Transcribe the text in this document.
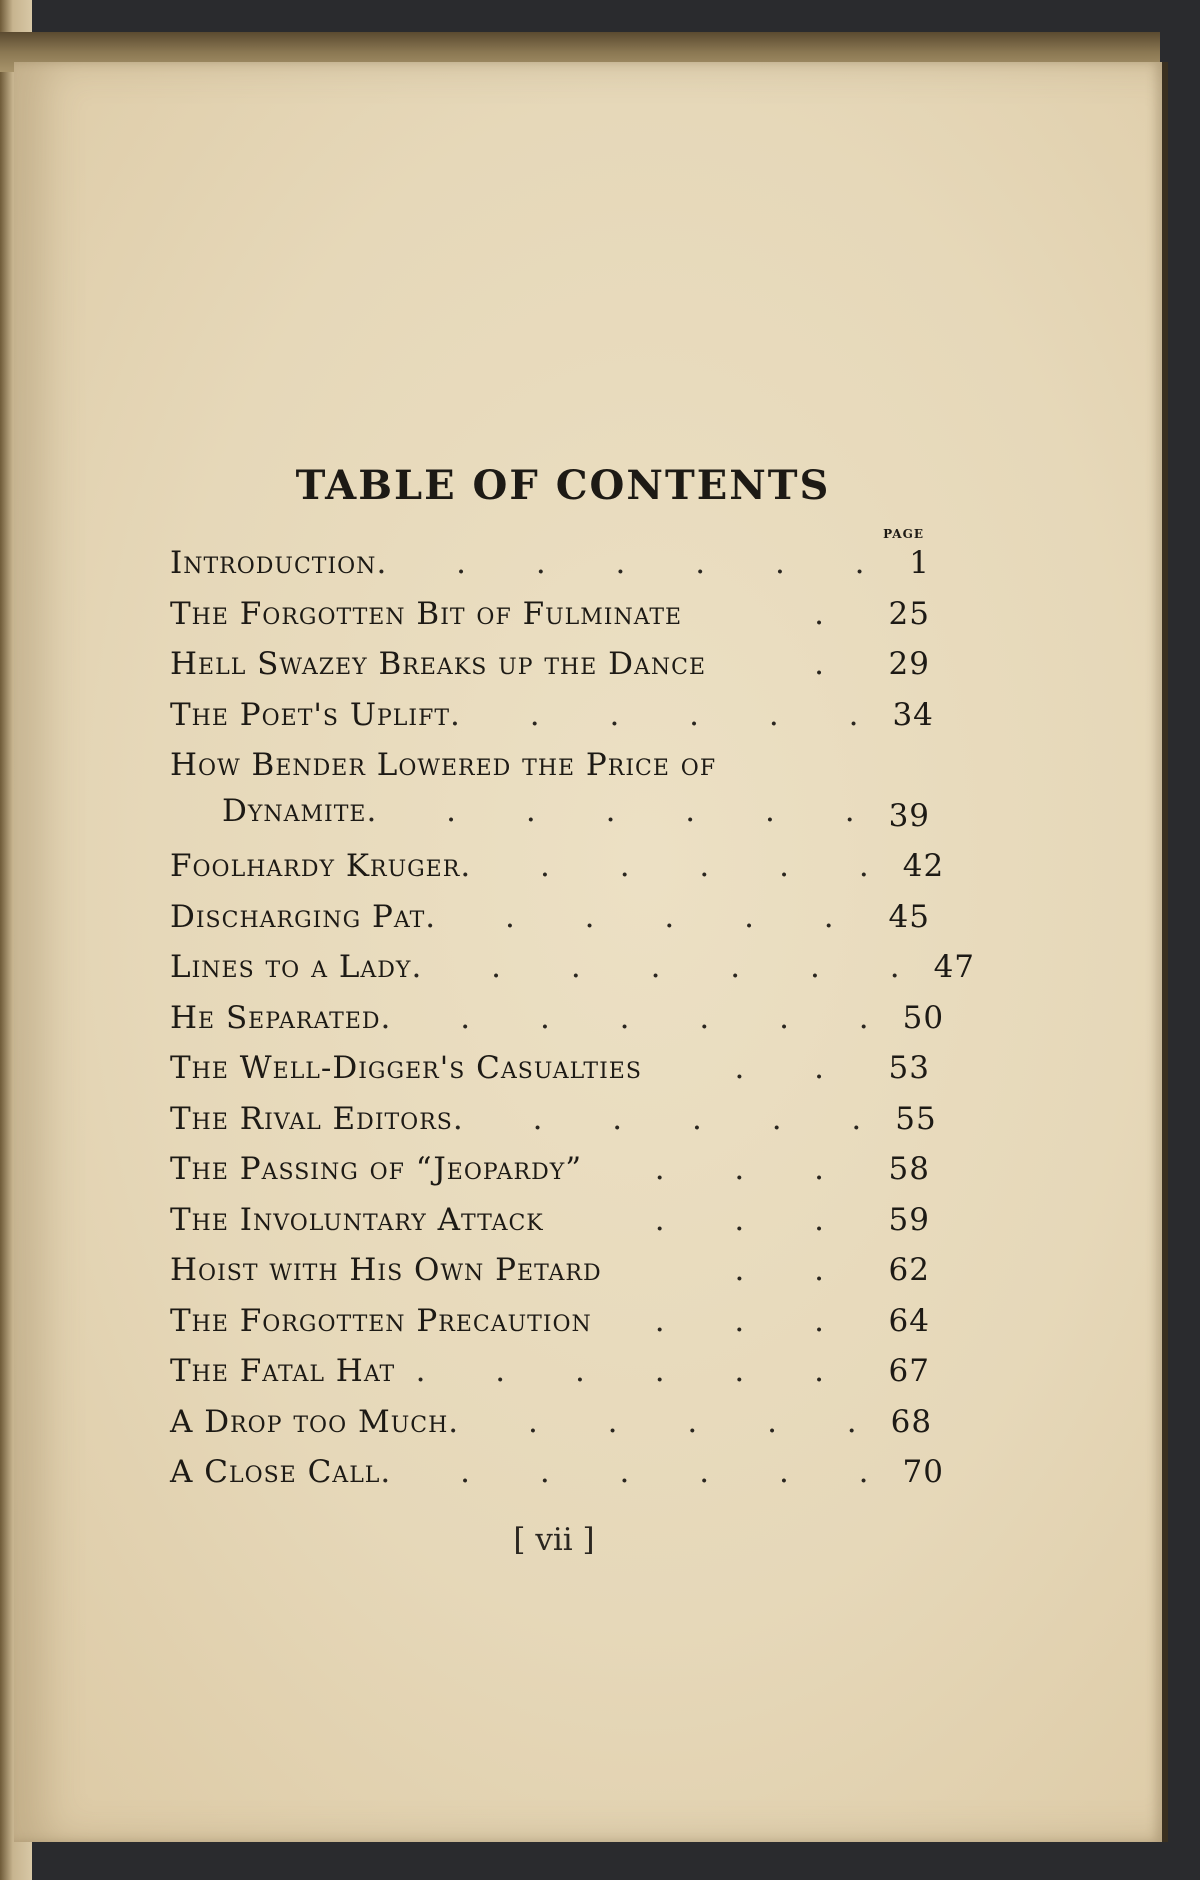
TABLE OF CONTENTS
PAGE
Introduction . . . . . . . 1
The Forgotten Bit of Fulminate	.	25
Hell Swazey Breaks up the Dance	.	29
The Poet's Uplift . . . . . . 34
How Bender Lowered the Price of
Dynamite . . . . . . . 39
Foolhardy Kruger . . . . . . 42
Discharging Pat . . . . . . 45
Lines to a Lady . . . . . . . 47
He Separated . . . . . . . 50
The Well-Digger's Casualties	. .	53
The Rival Editors . . . . . . 55
The Passing of “Jeopardy”	. . .	58
The Involuntary Attack	. . .	59
Hoist with His Own Petard	. .	62
The Forgotten Precaution	. . .	64
The Fatal Hat . . . . . .	67
A Drop too Much . . . . . . 68
A Close Call . . . . . . . 70
[ vii ]
